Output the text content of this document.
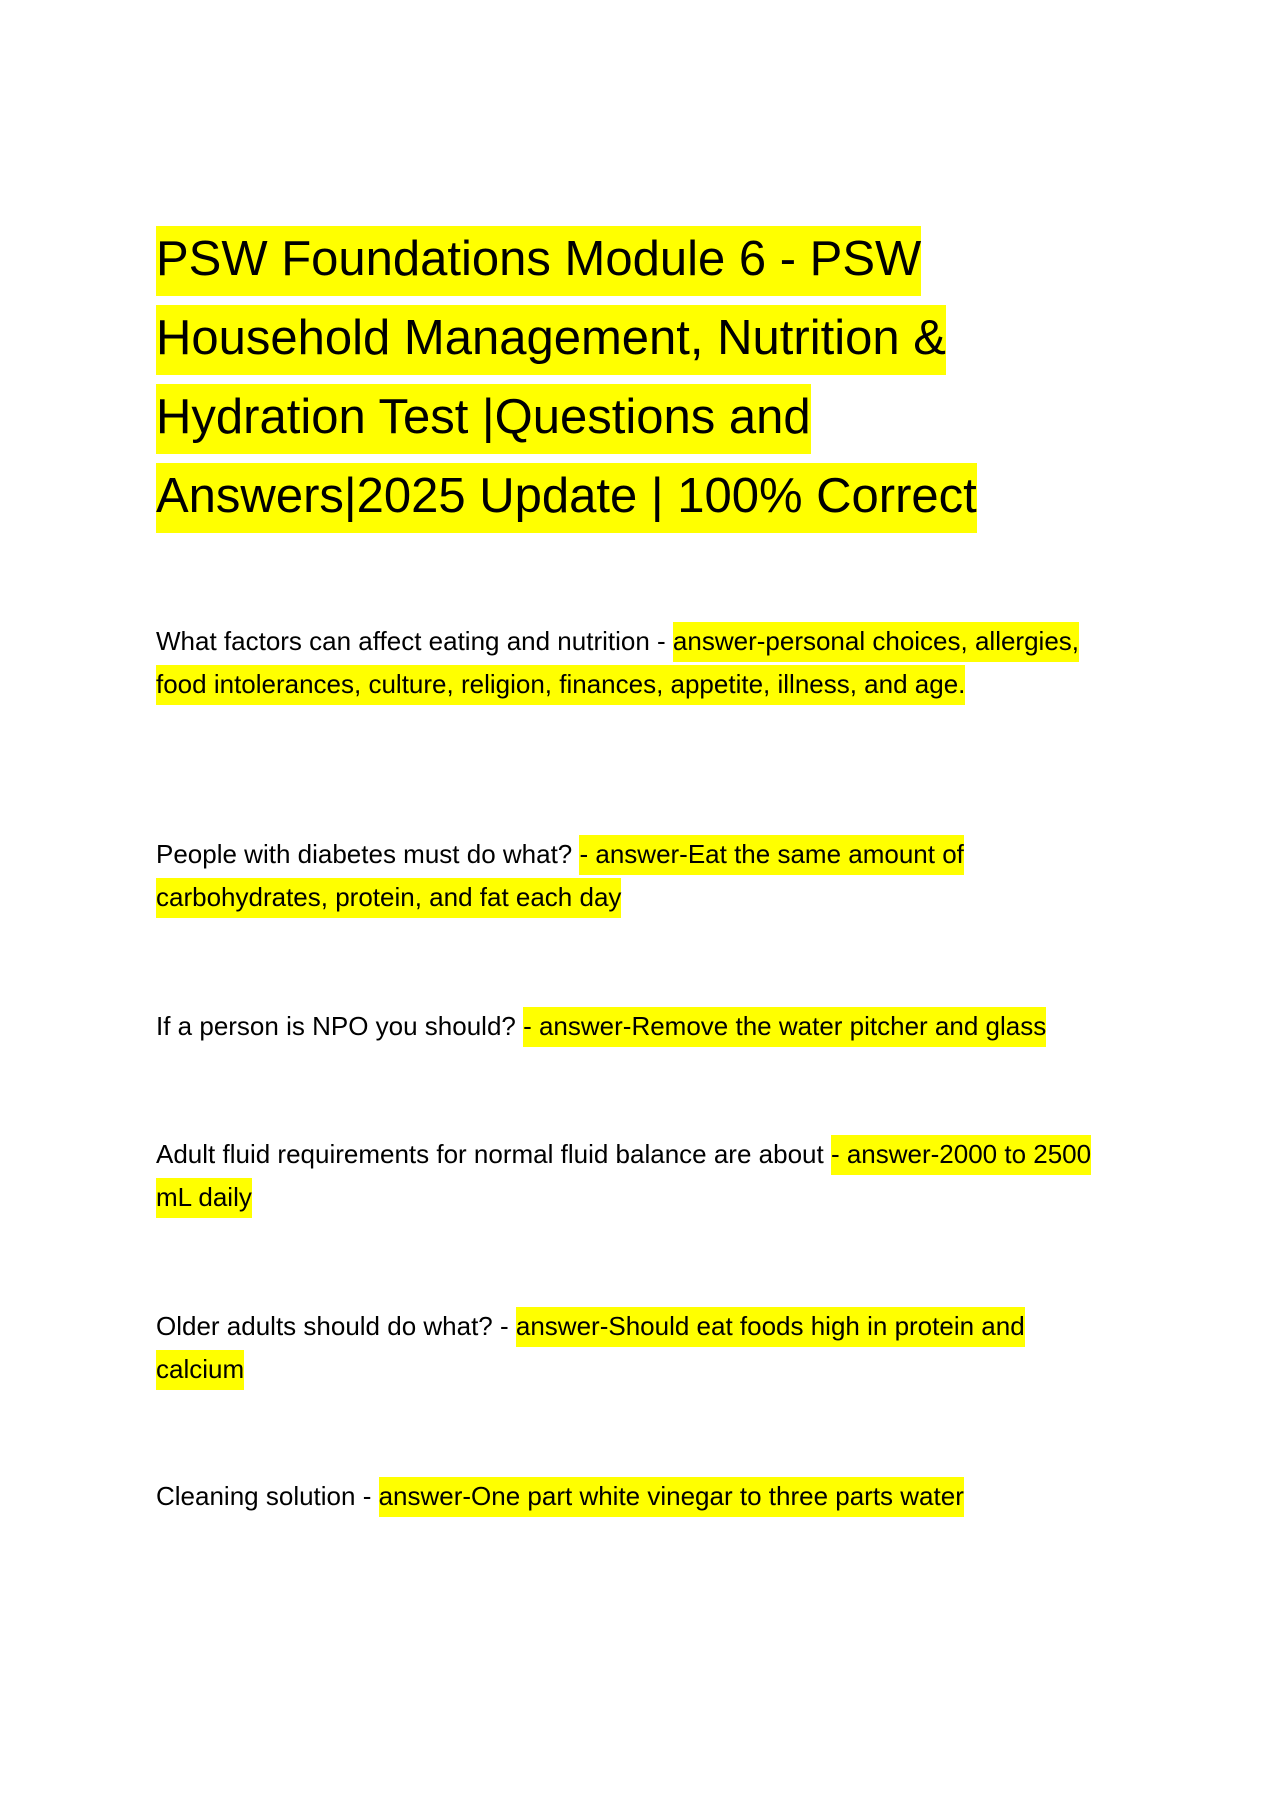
PSW Foundations Module 6 - PSW Household Management, Nutrition & Hydration Test |Questions and Answers|2025 Update | 100% Correct

What factors can affect eating and nutrition - answer-personal choices, allergies, food intolerances, culture, religion, finances, appetite, illness, and age.

People with diabetes must do what? - answer-Eat the same amount of carbohydrates, protein, and fat each day

If a person is NPO you should? - answer-Remove the water pitcher and glass

Adult fluid requirements for normal fluid balance are about - answer-2000 to 2500 mL daily

Older adults should do what? - answer-Should eat foods high in protein and calcium

Cleaning solution - answer-One part white vinegar to three parts water
